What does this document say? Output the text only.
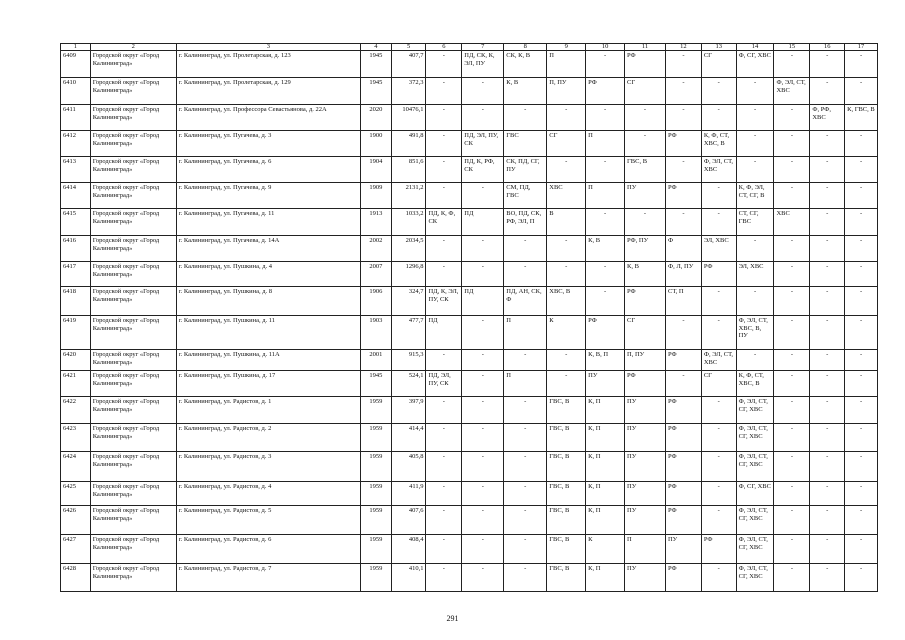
1	2	3	4	5	6	7	8	9	10	11	12	13	14	15	16	17
6409	Городской округ «Город Калининград»	г. Калининград, ул. Пролетарская, д. 123	1945	407,7	-	ПД, СК, К, ЭЛ, ПУ	СК, К, В	П	-	РФ	-	СГ	Ф, СГ, ХВС	-	-	-
6410	Городской округ «Город Калининград»	г. Калининград, ул. Пролетарская, д. 129	1945	372,3	-	-	К, В	П, ПУ	РФ	СГ	-	-	-	Ф, ЭЛ, СТ, ХВС	-	-
6411	Городской округ «Город Калининград»	г. Калининград, ул. Профессора Севастьянова, д. 22А	2020	10476,1	-	-	-	-	-	-	-	-	-	-	Ф, РФ, ХВС	К, ГВС, В
6412	Городской округ «Город Калининград»	г. Калининград, ул. Пугачева, д. 3	1900	491,8	-	ПД, ЭЛ, ПУ, СК	ГВС	СГ	П	-	РФ	К, Ф, СТ, ХВС, В	-	-	-	-
6413	Городской округ «Город Калининград»	г. Калининград, ул. Пугачева, д. 6	1904	851,6	-	ПД, К, РФ, СК	СК, ПД, СГ, ПУ	-	-	ГВС, В	-	Ф, ЭЛ, СТ, ХВС	-	-	-	-
6414	Городской округ «Город Калининград»	г. Калининград, ул. Пугачева, д. 9	1909	2131,2	-	-	СМ, ПД, ГВС	ХВС	П	ПУ	РФ	-	К, Ф, ЭЛ, СТ, СГ, В	-	-	-
6415	Городской округ «Город Калининград»	г. Калининград, ул. Пугачева, д. 11	1913	1033,2	ПД, К, Ф, СК	ПД	ВО, ПД, СК, РФ, ЭЛ, П	В	-	-	-	-	СТ, СГ, ГВС	ХВС	-	-
6416	Городской округ «Город Калининград»	г. Калининград, ул. Пугачева, д. 14А	2002	2034,5	-	-	-	-	К, В	РФ, ПУ	Ф	ЭЛ, ХВС	-	-	-	-
6417	Городской округ «Город Калининград»	г. Калининград, ул. Пушкина, д. 4	2007	1296,8	-	-	-	-	-	К, В	Ф, Л, ПУ	РФ	ЭЛ, ХВС	-	-	-
6418	Городской округ «Город Калининград»	г. Калининград, ул. Пушкина, д. 8	1906	324,7	ПД, К, ЭЛ, ПУ, СК	ПД	ПД, АН, СК, Ф	ХВС, В	-	РФ	СТ, П	-	-	-	-	-
6419	Городской округ «Город Калининград»	г. Калининград, ул. Пушкина, д. 11	1903	477,7	ПД	-	П	К	РФ	СГ	-	-	Ф, ЭЛ, СТ, ХВС, В, ПУ	-	-	-
6420	Городской округ «Город Калининград»	г. Калининград, ул. Пушкина, д. 11А	2001	915,3	-	-	-	-	К, В, П	П, ПУ	РФ	Ф, ЭЛ, СТ, ХВС	-	-	-	-
6421	Городской округ «Город Калининград»	г. Калининград, ул. Пушкина, д. 17	1945	524,1	ПД, ЭЛ, ПУ, СК	-	П	-	ПУ	РФ	-	СГ	К, Ф, СТ, ХВС, В	-	-	-
6422	Городской округ «Город Калининград»	г. Калининград, ул. Радистов, д. 1	1959	397,9	-	-	-	ГВС, В	К, П	ПУ	РФ	-	Ф, ЭЛ, СТ, СГ, ХВС	-	-	-
6423	Городской округ «Город Калининград»	г. Калининград, ул. Радистов, д. 2	1959	414,4	-	-	-	ГВС, В	К, П	ПУ	РФ	-	Ф, ЭЛ, СТ, СГ, ХВС	-	-	-
6424	Городской округ «Город Калининград»	г. Калининград, ул. Радистов, д. 3	1959	405,8	-	-	-	ГВС, В	К, П	ПУ	РФ	-	Ф, ЭЛ, СТ, СГ, ХВС	-	-	-
6425	Городской округ «Город Калининград»	г. Калининград, ул. Радистов, д. 4	1959	411,9	-	-	-	ГВС, В	К, П	ПУ	РФ	-	Ф, СГ, ХВС	-	-	-
6426	Городской округ «Город Калининград»	г. Калининград, ул. Радистов, д. 5	1959	407,6	-	-	-	ГВС, В	К, П	ПУ	РФ	-	Ф, ЭЛ, СТ, СГ, ХВС	-	-	-
6427	Городской округ «Город Калининград»	г. Калининград, ул. Радистов, д. 6	1959	408,4	-	-	-	ГВС, В	К	П	ПУ	РФ	Ф, ЭЛ, СТ, СГ, ХВС	-	-	-
6428	Городской округ «Город Калининград»	г. Калининград, ул. Радистов, д. 7	1959	410,1	-	-	-	ГВС, В	К, П	ПУ	РФ	-	Ф, ЭЛ, СТ, СГ, ХВС	-	-	-
291
